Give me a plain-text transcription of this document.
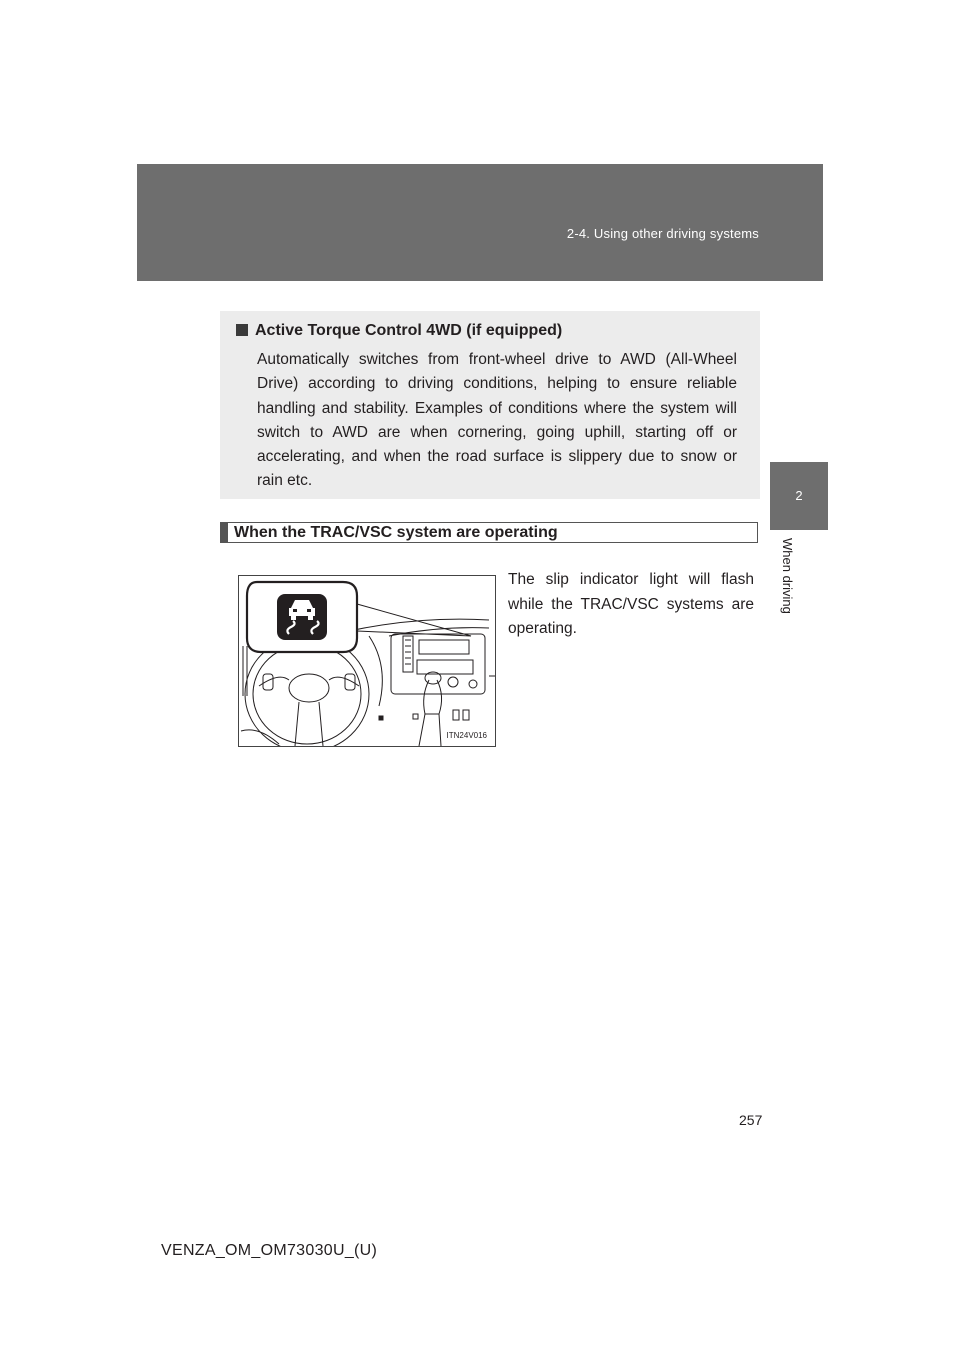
2-4. Using other driving systems
2
When driving
Active Torque Control 4WD (if equipped)
Automatically switches from front-wheel drive to AWD (All-Wheel Drive) according to driving conditions, helping to ensure reliable handling and stability. Examples of conditions where the system will switch to AWD are when cornering, going uphill, starting off or accelerating, and when the road surface is slippery due to snow or rain etc.
When the TRAC/VSC system are operating
ITN24V016
The slip indicator light will flash while the TRAC/VSC systems are operating.
257
VENZA_OM_OM73030U_(U)
